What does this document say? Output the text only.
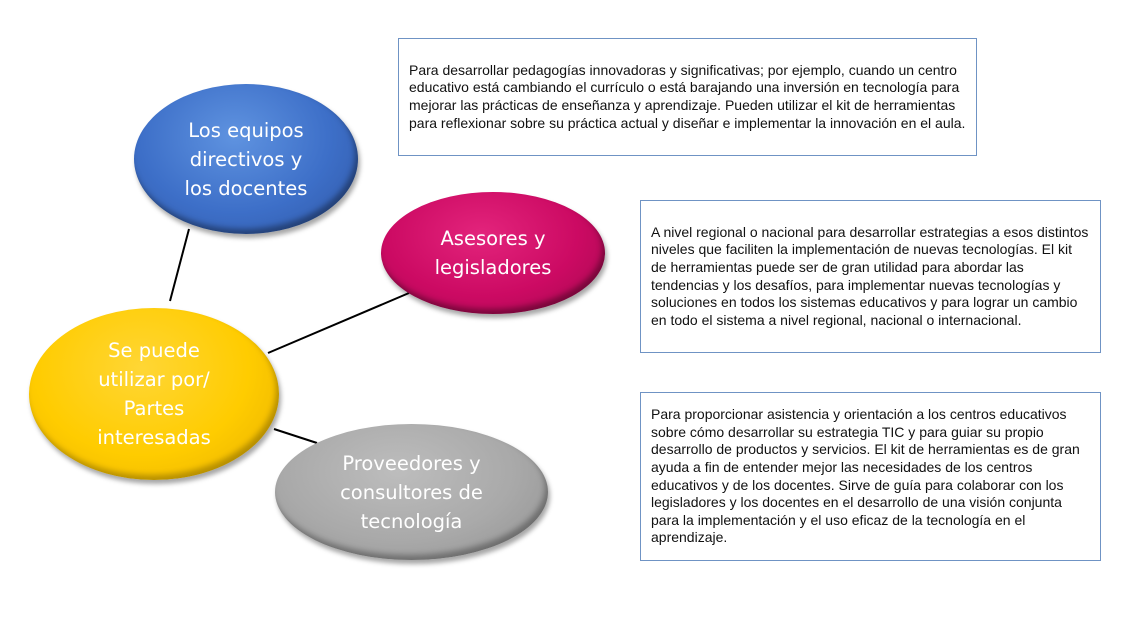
Los equipos
directivos y
los docentes
Asesores y
legisladores
Se puede
utilizar por/
Partes
interesadas
Proveedores y
consultores de
tecnología
Para desarrollar pedagogías innovadoras y significativas; por ejemplo, cuando un centro educativo está cambiando el currículo o está barajando una inversión en tecnología para mejorar las prácticas de enseñanza y aprendizaje. Pueden utilizar el kit de herramientas para reflexionar sobre su práctica actual y diseñar e implementar la innovación en el aula.
A nivel regional o nacional para desarrollar estrategias a esos distintos niveles que faciliten la implementación de nuevas tecnologías. El kit de herramientas puede ser de gran utilidad para abordar las tendencias y los desafíos, para implementar nuevas tecnologías y soluciones en todos los sistemas educativos y para lograr un cambio en todo el sistema a nivel regional, nacional o internacional.
Para proporcionar asistencia y orientación a los centros educativos sobre cómo desarrollar su estrategia TIC y para guiar su propio desarrollo de productos y servicios. El kit de herramientas es de gran ayuda a fin de entender mejor las necesidades de los centros educativos y de los docentes. Sirve de guía para colaborar con los legisladores y los docentes en el desarrollo de una visión conjunta para la implementación y el uso eficaz de la tecnología en el aprendizaje.
